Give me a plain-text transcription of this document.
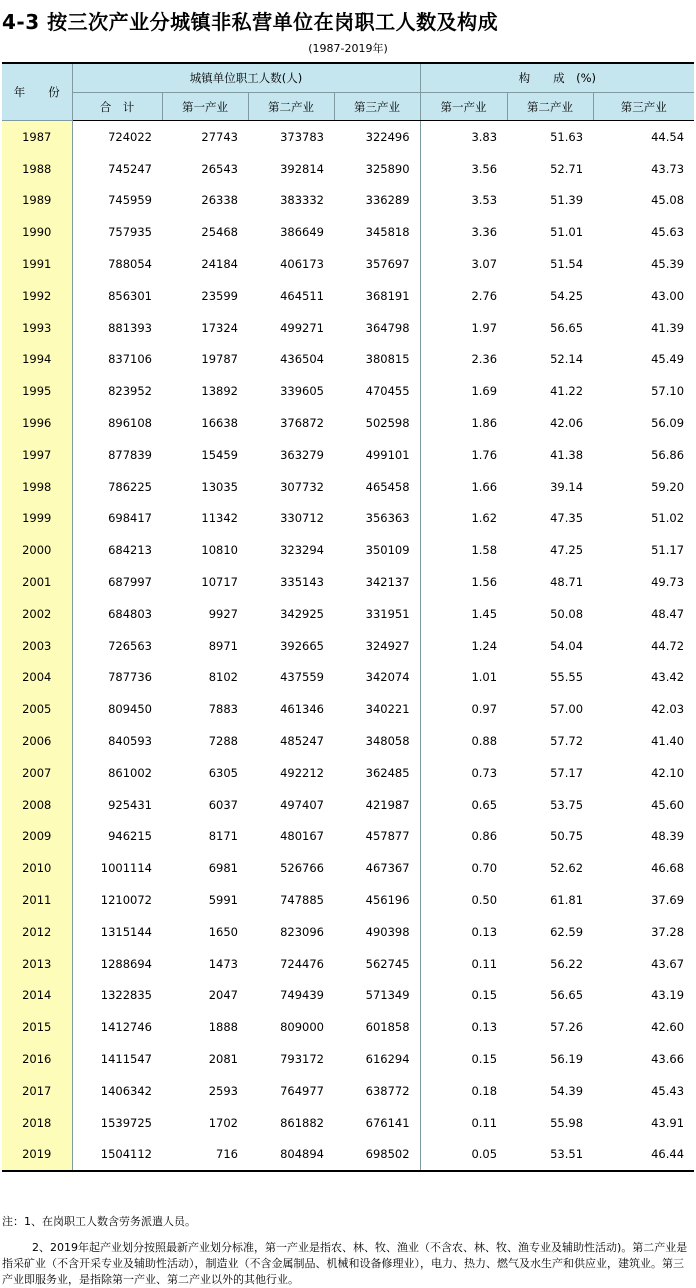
4-3 按三次产业分城镇非私营单位在岗职工人数及构成
(1987-2019年)
年　　份	城镇单位职工人数(人)				构　　成　(%)		
	合　计	第一产业	第二产业	第三产业	第一产业	第二产业	第三产业
1987	724022	27743	373783	322496	3.83	51.63	44.54
1988	745247	26543	392814	325890	3.56	52.71	43.73
1989	745959	26338	383332	336289	3.53	51.39	45.08
1990	757935	25468	386649	345818	3.36	51.01	45.63
1991	788054	24184	406173	357697	3.07	51.54	45.39
1992	856301	23599	464511	368191	2.76	54.25	43.00
1993	881393	17324	499271	364798	1.97	56.65	41.39
1994	837106	19787	436504	380815	2.36	52.14	45.49
1995	823952	13892	339605	470455	1.69	41.22	57.10
1996	896108	16638	376872	502598	1.86	42.06	56.09
1997	877839	15459	363279	499101	1.76	41.38	56.86
1998	786225	13035	307732	465458	1.66	39.14	59.20
1999	698417	11342	330712	356363	1.62	47.35	51.02
2000	684213	10810	323294	350109	1.58	47.25	51.17
2001	687997	10717	335143	342137	1.56	48.71	49.73
2002	684803	9927	342925	331951	1.45	50.08	48.47
2003	726563	8971	392665	324927	1.24	54.04	44.72
2004	787736	8102	437559	342074	1.01	55.55	43.42
2005	809450	7883	461346	340221	0.97	57.00	42.03
2006	840593	7288	485247	348058	0.88	57.72	41.40
2007	861002	6305	492212	362485	0.73	57.17	42.10
2008	925431	6037	497407	421987	0.65	53.75	45.60
2009	946215	8171	480167	457877	0.86	50.75	48.39
2010	1001114	6981	526766	467367	0.70	52.62	46.68
2011	1210072	5991	747885	456196	0.50	61.81	37.69
2012	1315144	1650	823096	490398	0.13	62.59	37.28
2013	1288694	1473	724476	562745	0.11	56.22	43.67
2014	1322835	2047	749439	571349	0.15	56.65	43.19
2015	1412746	1888	809000	601858	0.13	57.26	42.60
2016	1411547	2081	793172	616294	0.15	56.19	43.66
2017	1406342	2593	764977	638772	0.18	54.39	45.43
2018	1539725	1702	861882	676141	0.11	55.98	43.91
2019	1504112	716	804894	698502	0.05	53.51	46.44

注：1、在岗职工人数含劳务派遣人员。

2、2019年起产业划分按照最新产业划分标准，第一产业是指农、林、牧、渔业（不含农、林、牧、渔专业及辅助性活动)。第二产业是指采矿业（不含开采专业及辅助性活动），制造业（不含金属制品、机械和设备修理业），电力、热力、燃气及水生产和供应业，建筑业。第三产业即服务业，是指除第一产业、第二产业以外的其他行业。
